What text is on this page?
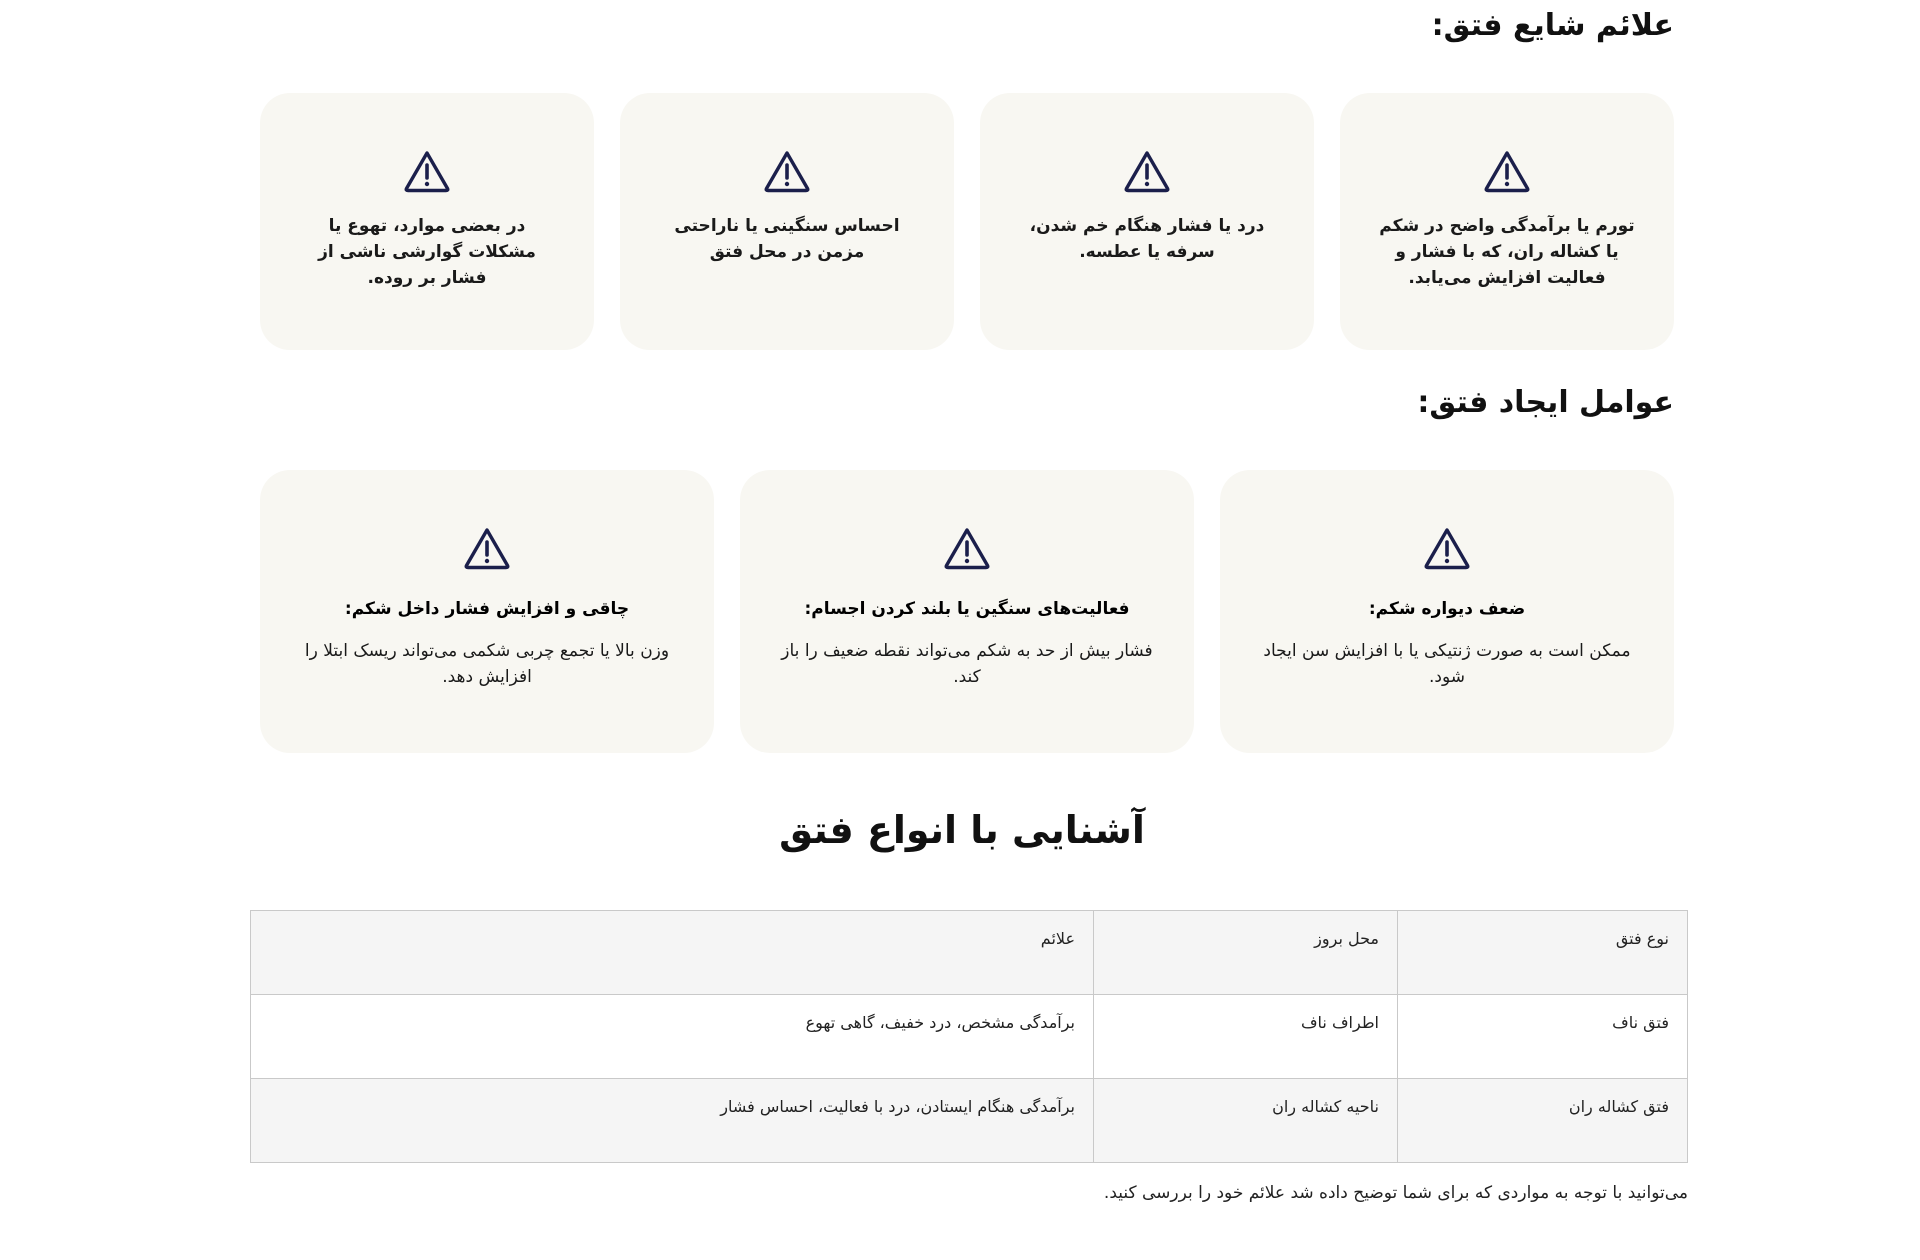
علائم شایع فتق:
تورم یا برآمدگی واضح در شکم یا کشاله ران، که با فشار و فعالیت افزایش می‌یابد.
درد یا فشار هنگام خم شدن، سرفه یا عطسه.
احساس سنگینی یا ناراحتی مزمن در محل فتق
در بعضی موارد، تهوع یا مشکلات گوارشی ناشی از فشار بر روده.
عوامل ایجاد فتق:
ضعف دیواره شکم:
ممکن است به صورت ژنتیکی یا با افزایش سن ایجاد شود.
فعالیت‌های سنگین یا بلند کردن اجسام:
فشار بیش از حد به شکم می‌تواند نقطه ضعیف را باز کند.
چاقی و افزایش فشار داخل شکم:
وزن بالا یا تجمع چربی شکمی می‌تواند ریسک ابتلا را افزایش دهد.
آشنایی با انواع فتق
نوع فتق	محل بروز	علائم
فتق ناف	اطراف ناف	برآمدگی مشخص، درد خفیف، گاهی تهوع
فتق کشاله ران	ناحیه کشاله ران	برآمدگی هنگام ایستادن، درد با فعالیت، احساس فشار

می‌توانید با توجه به مواردی که برای شما توضیح داده شد علائم خود را بررسی کنید.
